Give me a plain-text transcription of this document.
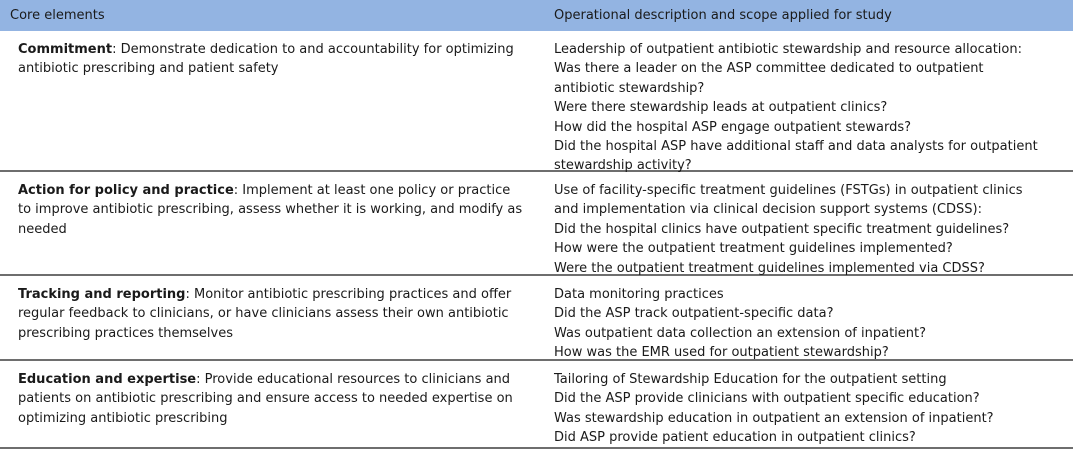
Core elements	Operational description and scope applied for study
Commitment: Demonstrate dedication to and accountability for optimizing antibiotic prescribing and patient safety
Leadership of outpatient antibiotic stewardship and resource allocation:
Was there a leader on the ASP committee dedicated to outpatient
antibiotic stewardship?
Were there stewardship leads at outpatient clinics?
How did the hospital ASP engage outpatient stewards?
Did the hospital ASP have additional staff and data analysts for outpatient
stewardship activity?
Action for policy and practice: Implement at least one policy or practice to improve antibiotic prescribing, assess whether it is working, and modify as needed
Use of facility-specific treatment guidelines (FSTGs) in outpatient clinics
and implementation via clinical decision support systems (CDSS):
Did the hospital clinics have outpatient specific treatment guidelines?
How were the outpatient treatment guidelines implemented?
Were the outpatient treatment guidelines implemented via CDSS?
Tracking and reporting: Monitor antibiotic prescribing practices and offer regular feedback to clinicians, or have clinicians assess their own antibiotic prescribing practices themselves
Data monitoring practices
Did the ASP track outpatient-specific data?
Was outpatient data collection an extension of inpatient?
How was the EMR used for outpatient stewardship?
Education and expertise: Provide educational resources to clinicians and patients on antibiotic prescribing and ensure access to needed expertise on optimizing antibiotic prescribing
Tailoring of Stewardship Education for the outpatient setting
Did the ASP provide clinicians with outpatient specific education?
Was stewardship education in outpatient an extension of inpatient?
Did ASP provide patient education in outpatient clinics?
